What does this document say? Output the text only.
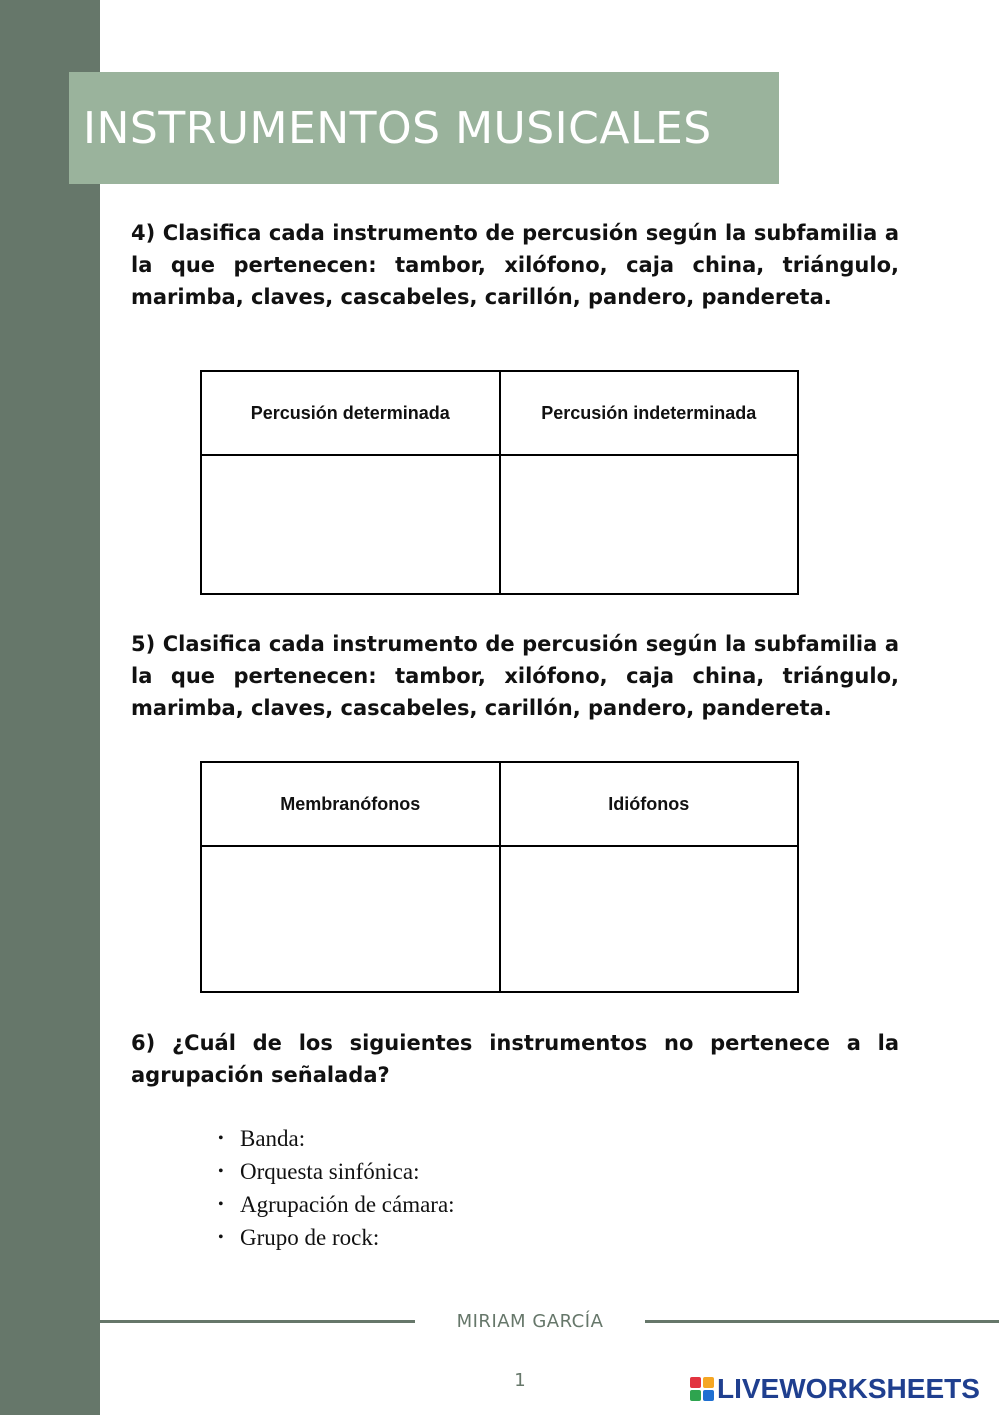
INSTRUMENTOS MUSICALES

4) Clasifica cada instrumento de percusión según la subfamilia a la que pertenecen: tambor, xilófono, caja china, triángulo, marimba, claves, cascabeles, carillón, pandero, pandereta.

Percusión determinada	Percusión indeterminada

5) Clasifica cada instrumento de percusión según la subfamilia a la que pertenecen: tambor, xilófono, caja china, triángulo, marimba, claves, cascabeles, carillón, pandero, pandereta.

Membranófonos	Idiófonos

6) ¿Cuál de los siguientes instrumentos no pertenece a la agrupación señalada?

• Banda:
• Orquesta sinfónica:
• Agrupación de cámara:
• Grupo de rock:
MIRIAM GARCÍA
1	LIVEWORKSHEETS
